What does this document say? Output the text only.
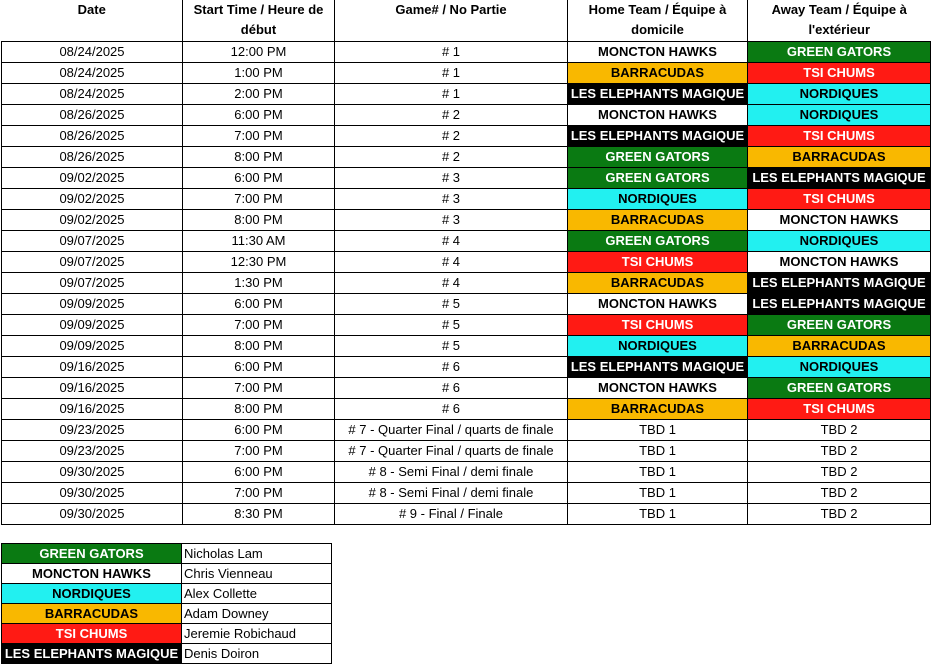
Date	Start Time / Heure de début	Game# / No Partie	Home Team / Équipe à domicile	Away Team / Équipe à l'extérieur
08/24/2025	12:00 PM	# 1	MONCTON HAWKS	GREEN GATORS
08/24/2025	1:00 PM	# 1	BARRACUDAS	TSI CHUMS
08/24/2025	2:00 PM	# 1	LES ELEPHANTS MAGIQUE	NORDIQUES
08/26/2025	6:00 PM	# 2	MONCTON HAWKS	NORDIQUES
08/26/2025	7:00 PM	# 2	LES ELEPHANTS MAGIQUE	TSI CHUMS
08/26/2025	8:00 PM	# 2	GREEN GATORS	BARRACUDAS
09/02/2025	6:00 PM	# 3	GREEN GATORS	LES ELEPHANTS MAGIQUE
09/02/2025	7:00 PM	# 3	NORDIQUES	TSI CHUMS
09/02/2025	8:00 PM	# 3	BARRACUDAS	MONCTON HAWKS
09/07/2025	11:30 AM	# 4	GREEN GATORS	NORDIQUES
09/07/2025	12:30 PM	# 4	TSI CHUMS	MONCTON HAWKS
09/07/2025	1:30 PM	# 4	BARRACUDAS	LES ELEPHANTS MAGIQUE
09/09/2025	6:00 PM	# 5	MONCTON HAWKS	LES ELEPHANTS MAGIQUE
09/09/2025	7:00 PM	# 5	TSI CHUMS	GREEN GATORS
09/09/2025	8:00 PM	# 5	NORDIQUES	BARRACUDAS
09/16/2025	6:00 PM	# 6	LES ELEPHANTS MAGIQUE	NORDIQUES
09/16/2025	7:00 PM	# 6	MONCTON HAWKS	GREEN GATORS
09/16/2025	8:00 PM	# 6	BARRACUDAS	TSI CHUMS
09/23/2025	6:00 PM	# 7 - Quarter Final / quarts de finale	TBD 1	TBD 2
09/23/2025	7:00 PM	# 7 - Quarter Final / quarts de finale	TBD 1	TBD 2
09/30/2025	6:00 PM	# 8 - Semi Final / demi finale	TBD 1	TBD 2
09/30/2025	7:00 PM	# 8 - Semi Final / demi finale	TBD 1	TBD 2
09/30/2025	8:30 PM	# 9 - Final / Finale	TBD 1	TBD 2
GREEN GATORS	Nicholas Lam
MONCTON HAWKS	Chris Vienneau
NORDIQUES	Alex Collette
BARRACUDAS	Adam Downey
TSI CHUMS	Jeremie Robichaud
LES ELEPHANTS MAGIQUE	Denis Doiron
